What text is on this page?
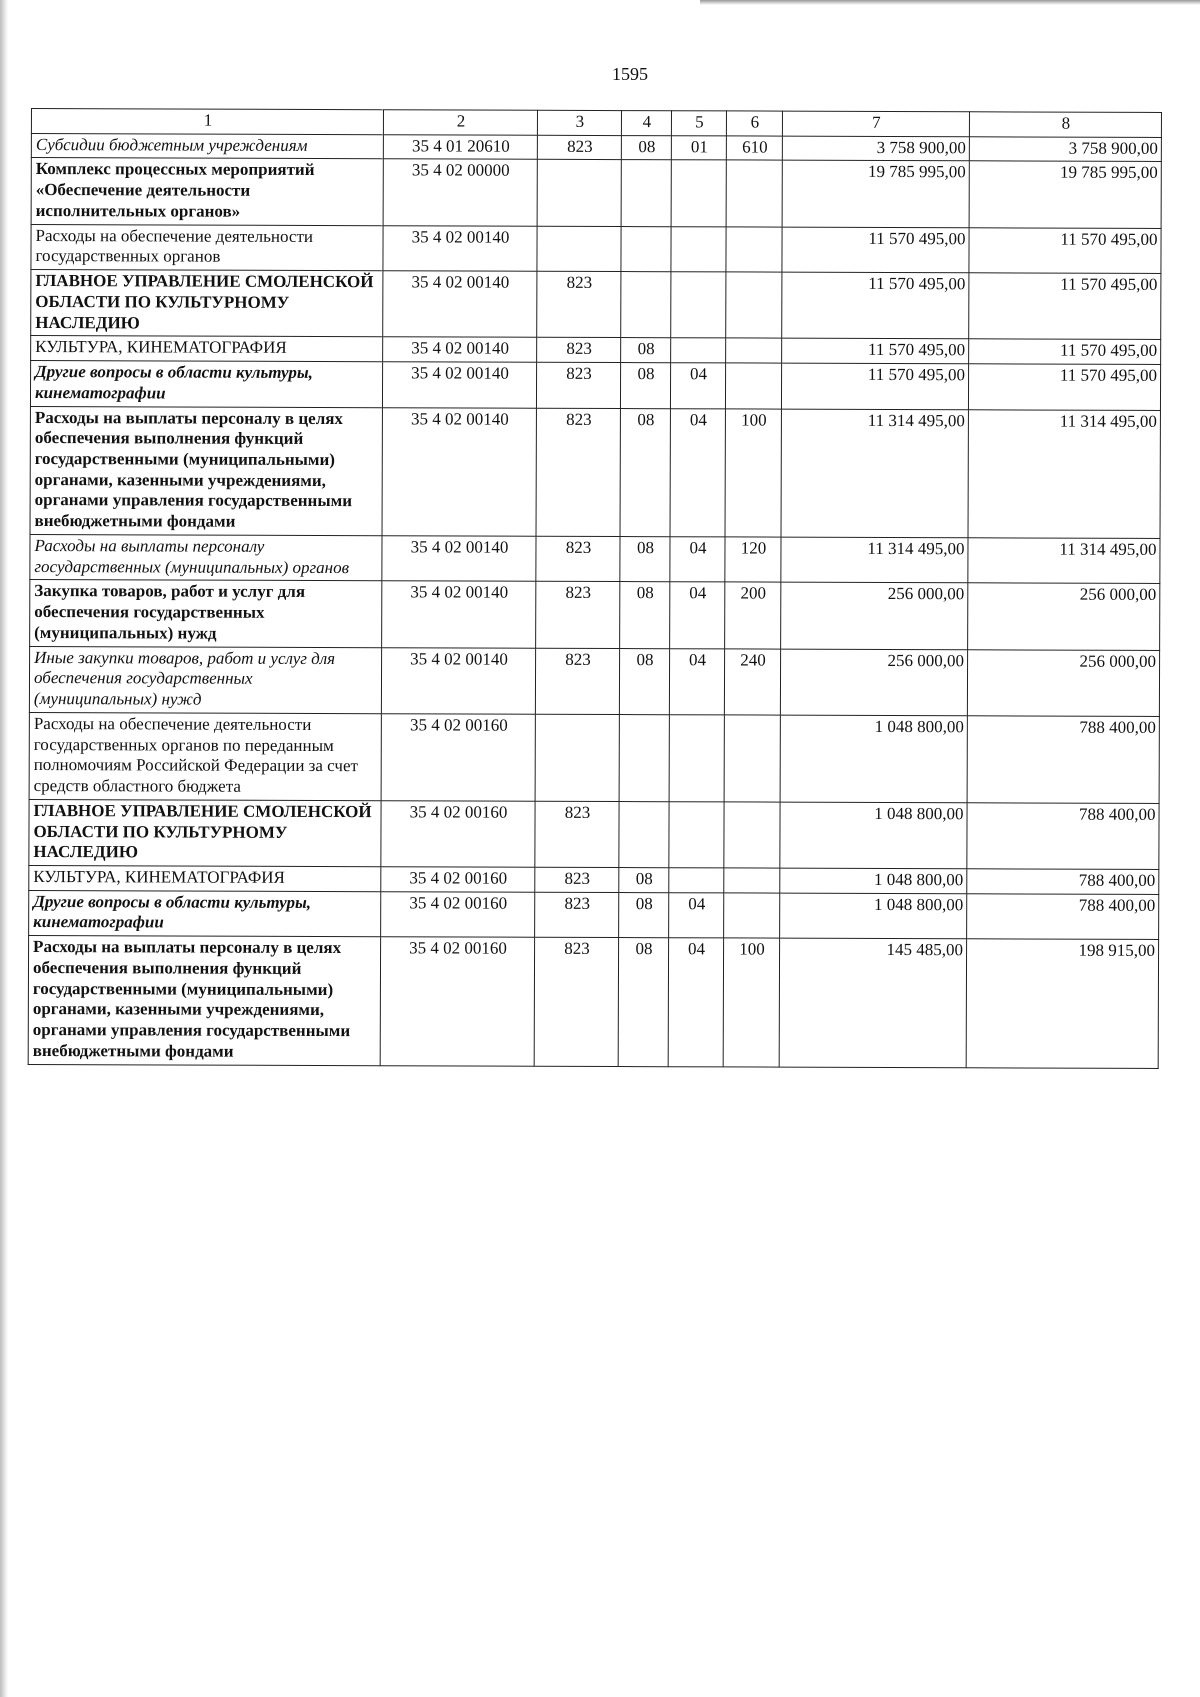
1595
1	2	3	4	5	6	7	8
Субсидии бюджетным учреждениям	35 4 01 20610	823	08	01	610	3 758 900,00	3 758 900,00
Комплекс процессных мероприятий «Обеспечение деятельности исполнительных органов»	35 4 02 00000					19 785 995,00	19 785 995,00
Расходы на обеспечение деятельности государственных органов	35 4 02 00140					11 570 495,00	11 570 495,00
ГЛАВНОЕ УПРАВЛЕНИЕ СМОЛЕНСКОЙ ОБЛАСТИ ПО КУЛЬТУРНОМУ НАСЛЕДИЮ	35 4 02 00140	823				11 570 495,00	11 570 495,00
КУЛЬТУРА, КИНЕМАТОГРАФИЯ	35 4 02 00140	823	08			11 570 495,00	11 570 495,00
Другие вопросы в области культуры, кинематографии	35 4 02 00140	823	08	04		11 570 495,00	11 570 495,00
Расходы на выплаты персоналу в целях обеспечения выполнения функций государственными (муниципальными) органами, казенными учреждениями, органами управления государственными внебюджетными фондами	35 4 02 00140	823	08	04	100	11 314 495,00	11 314 495,00
Расходы на выплаты персоналу государственных (муниципальных) органов	35 4 02 00140	823	08	04	120	11 314 495,00	11 314 495,00
Закупка товаров, работ и услуг для обеспечения государственных (муниципальных) нужд	35 4 02 00140	823	08	04	200	256 000,00	256 000,00
Иные закупки товаров, работ и услуг для обеспечения государственных (муниципальных) нужд	35 4 02 00140	823	08	04	240	256 000,00	256 000,00
Расходы на обеспечение деятельности государственных органов по переданным полномочиям Российской Федерации за счет средств областного бюджета	35 4 02 00160					1 048 800,00	788 400,00
ГЛАВНОЕ УПРАВЛЕНИЕ СМОЛЕНСКОЙ ОБЛАСТИ ПО КУЛЬТУРНОМУ НАСЛЕДИЮ	35 4 02 00160	823				1 048 800,00	788 400,00
КУЛЬТУРА, КИНЕМАТОГРАФИЯ	35 4 02 00160	823	08			1 048 800,00	788 400,00
Другие вопросы в области культуры, кинематографии	35 4 02 00160	823	08	04		1 048 800,00	788 400,00
Расходы на выплаты персоналу в целях обеспечения выполнения функций государственными (муниципальными) органами, казенными учреждениями, органами управления государственными внебюджетными фондами	35 4 02 00160	823	08	04	100	145 485,00	198 915,00
